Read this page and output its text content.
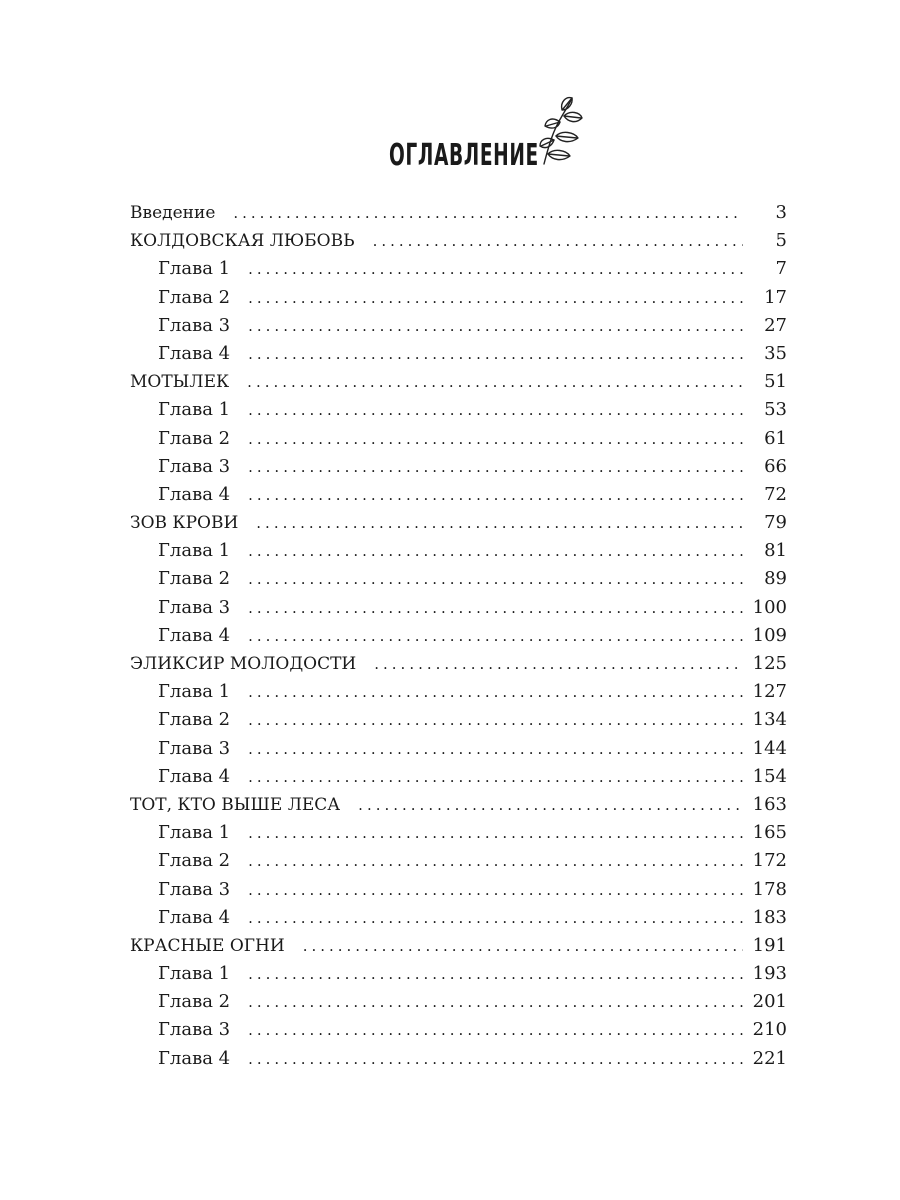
ОГЛАВЛЕНИЕ
Введение .....	3
КОЛДОВСКАЯ ЛЮБОВЬ .....	5
Глава 1 .....	7
Глава 2 .....	17
Глава 3 .....	27
Глава 4 .....	35
МОТЫЛЕК .....	51
Глава 1 .....	53
Глава 2 .....	61
Глава 3 .....	66
Глава 4 .....	72
ЗОВ КРОВИ .....	79
Глава 1 .....	81
Глава 2 .....	89
Глава 3 .....	100
Глава 4 .....	109
ЭЛИКСИР МОЛОДОСТИ .....	125
Глава 1 .....	127
Глава 2 .....	134
Глава 3 .....	144
Глава 4 .....	154
ТОТ, КТО ВЫШЕ ЛЕСА .....	163
Глава 1 .....	165
Глава 2 .....	172
Глава 3 .....	178
Глава 4 .....	183
КРАСНЫЕ ОГНИ .....	191
Глава 1 .....	193
Глава 2 .....	201
Глава 3 .....	210
Глава 4 .....	221
